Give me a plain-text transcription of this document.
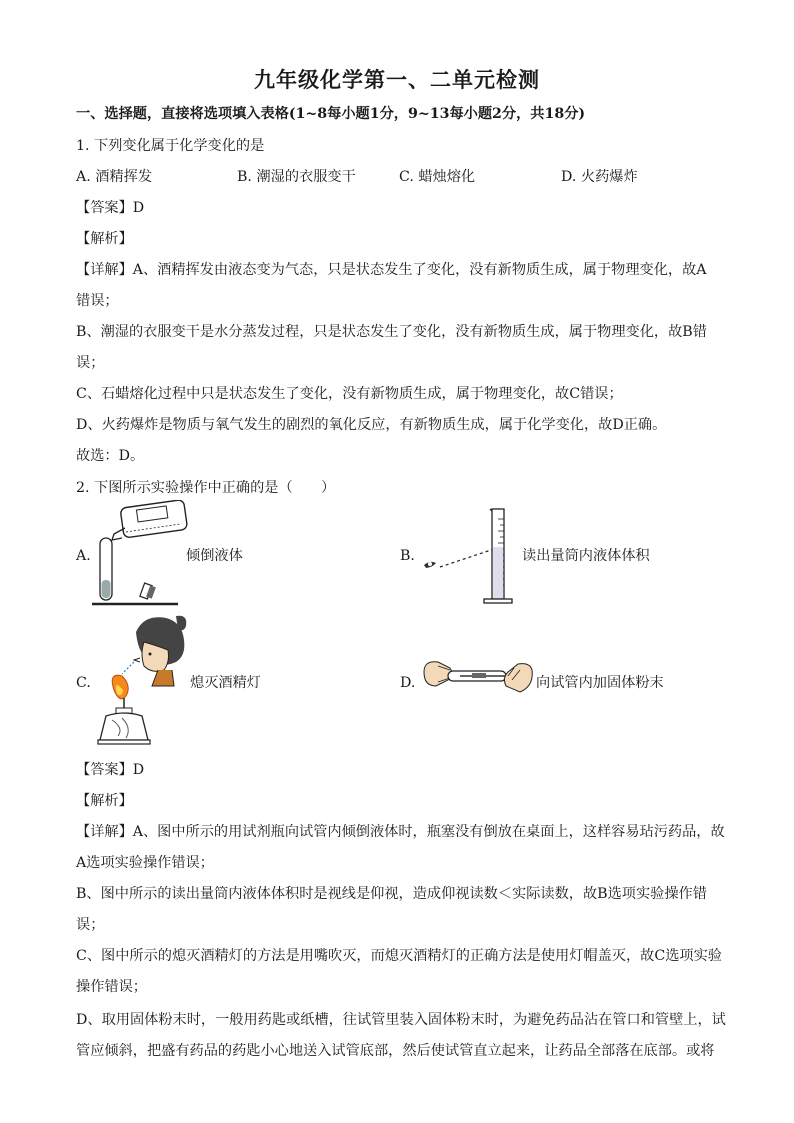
九年级化学第一、二单元检测
一、选择题，直接将选项填入表格(1~8每小题1分，9~13每小题2分，共18分)
1. 下列变化属于化学变化的是
A. 酒精挥发	B. 潮湿的衣服变干	C. 蜡烛熔化	D. 火药爆炸
【答案】D
【解析】
【详解】A、酒精挥发由液态变为气态，只是状态发生了变化，没有新物质生成，属于物理变化，故A
错误；
B、潮湿的衣服变干是水分蒸发过程，只是状态发生了变化，没有新物质生成，属于物理变化，故B错
误；
C、石蜡熔化过程中只是状态发生了变化，没有新物质生成，属于物理变化，故C错误；
D、火药爆炸是物质与氧气发生的剧烈的氧化反应，有新物质生成，属于化学变化，故D正确。
故选：D。
2. 下图所示实验操作中正确的是（　　）
A.	倾倒液体	B.	读出量筒内液体体积
C.	熄灭酒精灯	D.	向试管内加固体粉末
【答案】D
【解析】
【详解】A、图中所示的用试剂瓶向试管内倾倒液体时，瓶塞没有倒放在桌面上，这样容易玷污药品，故
A选项实验操作错误；
B、图中所示的读出量筒内液体体积时是视线是仰视，造成仰视读数＜实际读数，故B选项实验操作错
误；
C、图中所示的熄灭酒精灯的方法是用嘴吹灭，而熄灭酒精灯的正确方法是使用灯帽盖灭，故C选项实验
操作错误；
D、取用固体粉末时，一般用药匙或纸槽，往试管里装入固体粉末时，为避免药品沾在管口和管壁上，试
管应倾斜，把盛有药品的药匙小心地送入试管底部，然后使试管直立起来，让药品全部落在底部。或将
